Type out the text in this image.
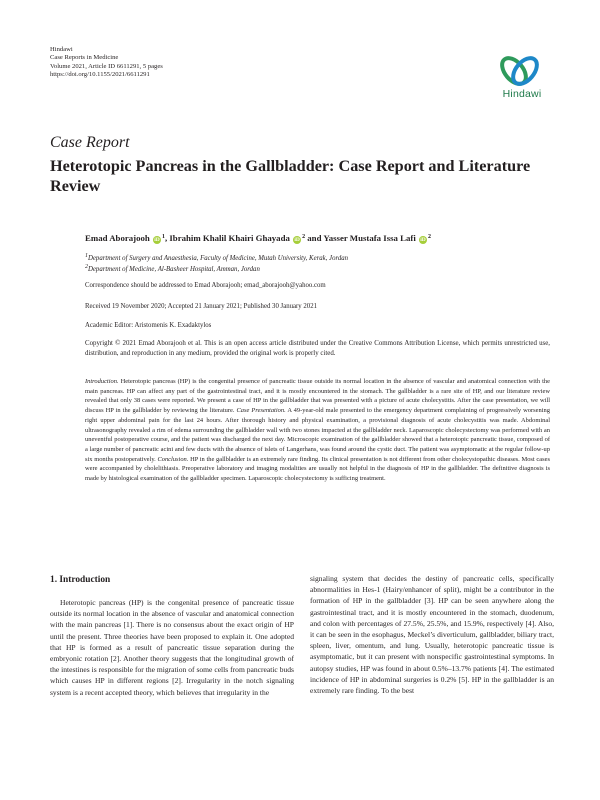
Hindawi
Case Reports in Medicine
Volume 2021, Article ID 6611291, 5 pages
https://doi.org/10.1155/2021/6611291
Hindawi
Case Report
Heterotopic Pancreas in the Gallbladder: Case Report and Literature Review
Emad Aborajooh iD $^1$, Ibrahim Khalil Khairi Ghayada iD $^2$ and Yasser Mustafa Issa Lafi iD $^2$
1Department of Surgery and Anaesthesia, Faculty of Medicine, Mutah University, Kerak, Jordan
2Department of Medicine, Al-Basheer Hospital, Amman, Jordan
Correspondence should be addressed to Emad Aborajooh; emad_aborajooh@yahoo.com
Received 19 November 2020; Accepted 21 January 2021; Published 30 January 2021
Academic Editor: Aristomenis K. Exadaktylos
Copyright © 2021 Emad Aborajooh et al. This is an open access article distributed under the Creative Commons Attribution License, which permits unrestricted use, distribution, and reproduction in any medium, provided the original work is properly cited.
Introduction. Heterotopic pancreas (HP) is the congenital presence of pancreatic tissue outside its normal location in the absence of vascular and anatomical connection with the main pancreas. HP can affect any part of the gastrointestinal tract, and it is mostly encountered in the stomach. The gallbladder is a rare site of HP, and our literature review revealed that only 38 cases were reported. We present a case of HP in the gallbladder that was presented with a picture of acute cholecystitis. After the case presentation, we will discuss HP in the gallbladder by reviewing the literature. Case Presentation. A 49-year-old male presented to the emergency department complaining of progressively worsening right upper abdominal pain for the last 24 hours. After thorough history and physical examination, a provisional diagnosis of acute cholecystitis was made. Abdominal ultrasonography revealed a rim of edema surrounding the gallbladder wall with two stones impacted at the gallbladder neck. Laparoscopic cholecystectomy was performed with an uneventful postoperative course, and the patient was discharged the next day. Microscopic examination of the gallbladder showed that a heterotopic pancreatic tissue, composed of a large number of pancreatic acini and few ducts with the absence of islets of Langerhans, was found around the cystic duct. The patient was asymptomatic at the regular follow-up six months postoperatively. Conclusion. HP in the gallbladder is an extremely rare finding. Its clinical presentation is not different from other cholecystopathic diseases. Most cases were accompanied by cholelithiasis. Preoperative laboratory and imaging modalities are usually not helpful in the diagnosis of HP in the gallbladder. The definitive diagnosis is made by histological examination of the gallbladder specimen. Laparoscopic cholecystectomy is sufficing treatment.
1. Introduction
Heterotopic pancreas (HP) is the congenital presence of pancreatic tissue outside its normal location in the absence of vascular and anatomical connection with the main pancreas [1]. There is no consensus about the exact origin of HP until the present. Three theories have been proposed to explain it. One adopted that HP is formed as a result of pancreatic tissue separation during the embryonic rotation [2]. Another theory suggests that the longitudinal growth of the intestines is responsible for the migration of some cells from pancreatic buds which causes HP in different regions [2]. Irregularity in the notch signaling system is a recent accepted theory, which believes that irregularity in the
signaling system that decides the destiny of pancreatic cells, specifically abnormalities in Hes-1 (Hairy/enhancer of split), might be a contributor in the formation of HP in the gallbladder [3]. HP can be seen anywhere along the gastrointestinal tract, and it is mostly encountered in the stomach, duodenum, and colon with percentages of 27.5%, 25.5%, and 15.9%, respectively [4]. Also, it can be seen in the esophagus, Meckel’s diverticulum, gallbladder, biliary tract, spleen, liver, omentum, and lung. Usually, heterotopic pancreatic tissue is asymptomatic, but it can present with nonspecific gastrointestinal symptoms. In autopsy studies, HP was found in about 0.5%–13.7% patients [4]. The estimated incidence of HP in abdominal surgeries is 0.2% [5]. HP in the gallbladder is an extremely rare finding. To the best
